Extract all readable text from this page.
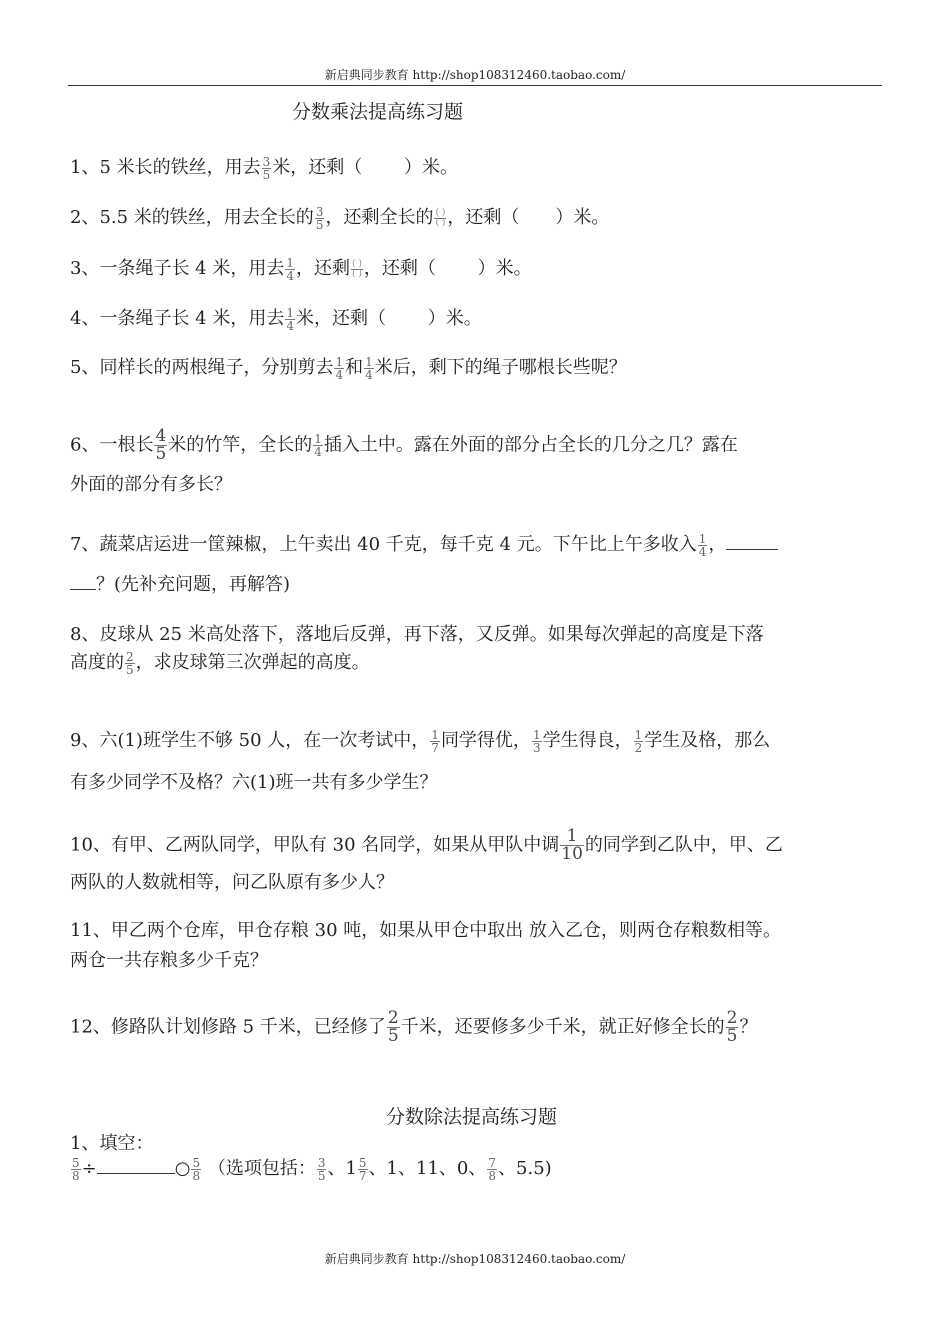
新启典同步教育 http://shop108312460.taobao.com/
分数乘法提高练习题
1、5 米长的铁丝，用去 $\frac{3}{5}$ 米，还剩（　　 ）米。
2、5.5 米的铁丝，用去全长的 $\frac{3}{5}$ ，还剩全长的 $\frac{( )}{( )}$ ，还剩（　　）米。
3、一条绳子长 4 米，用去 $\frac{1}{4}$ ，还剩 $\frac{( )}{( )}$ ，还剩（　　 ）米。
4、一条绳子长 4 米，用去 $\frac{1}{4}$ 米，还剩（　　 ）米。
5、同样长的两根绳子，分别剪去 $\frac{1}{4}$ 和 $\frac{1}{4}$ 米后，剩下的绳子哪根长些呢？
6、一根长 $\frac{4}{5}$ 米的竹竿，全长的 $\frac{1}{4}$ 插入土中。露在外面的部分占全长的几分之几？露在
外面的部分有多长？
7、蔬菜店运进一筐辣椒，上午卖出 40 千克，每千克 4 元。下午比上午多收入 $\frac{1}{4}$ ，
？(先补充问题，再解答)
8、皮球从 25 米高处落下，落地后反弹，再下落，又反弹。如果每次弹起的高度是下落
高度的 $\frac{2}{5}$ ，求皮球第三次弹起的高度。
9、六(1)班学生不够 50 人，在一次考试中， $\frac{1}{7}$ 同学得优， $\frac{1}{3}$ 学生得良， $\frac{1}{2}$ 学生及格，那么
有多少同学不及格？六(1)班一共有多少学生？
10、有甲、乙两队同学，甲队有 30 名同学，如果从甲队中调 $\frac{1}{10}$ 的同学到乙队中，甲、乙
两队的人数就相等，问乙队原有多少人？
11、甲乙两个仓库，甲仓存粮 30 吨，如果从甲仓中取出 放入乙仓，则两仓存粮数相等。
两仓一共存粮多少千克？
12、修路队计划修路 5 千米，已经修了 $\frac{2}{5}$ 千米，还要修多少千米，就正好修全长的 $\frac{2}{5}$ ？
分数除法提高练习题
1、填空：
$\frac{5}{8}$ ÷	○ $\frac{5}{8}$ （选项包括： $\frac{3}{5}$ 、$1 \frac{5}{7}$ 、1、11、0、 $\frac{7}{8}$ 、5.5)
新启典同步教育 http://shop108312460.taobao.com/
